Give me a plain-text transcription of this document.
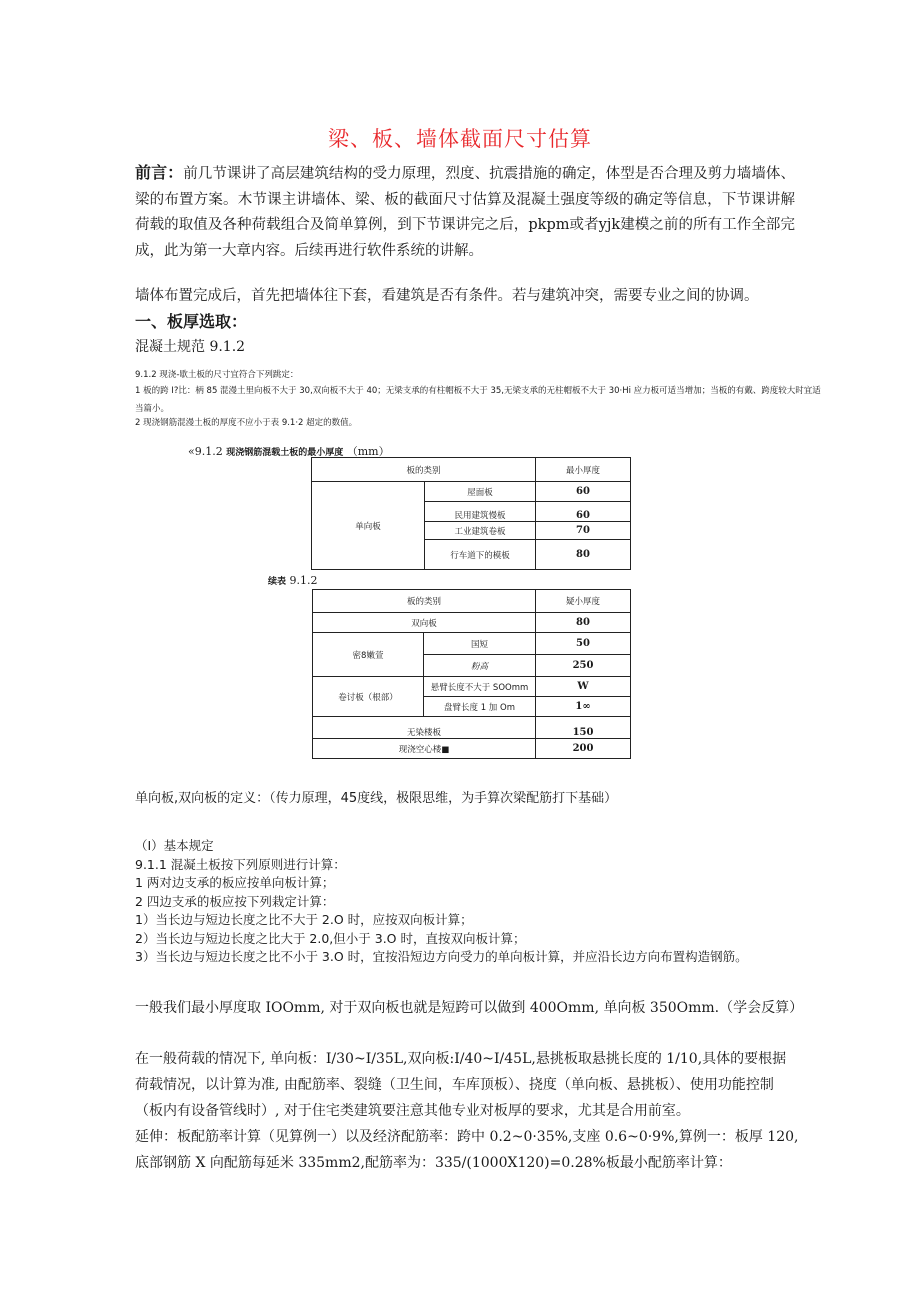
梁、板、墙体截面尺寸估算
前言：前几节课讲了高层建筑结构的受力原理，烈度、抗震措施的确定，体型是否合理及剪力墙墙体、梁的布置方案。木节课主讲墙体、梁、板的截面尺寸估算及混凝土强度等级的确定等信息，下节课讲解荷载的取值及各种荷载组合及简单算例，到下节课讲完之后，pkpm或者yjk建模之前的所有工作全部完成，此为第一大章内容。后续再进行软件系统的讲解。
墙体布置完成后，首先把墙体往下套，看建筑是否有条件。若与建筑冲突，需要专业之间的协调。
一、板厚选取：
混凝土规范 9.1.2
9.1.2 现浇-歇土板的尺寸宜符合下列跳定：
1 板的跨 I?比：柄 85 混漫土里向板不大于 30,双向板不大于 40；无梁支承的有柱帽板不大于 35,无梁支承的无柱帽板不大于 30·Hi 应力板可适当增加；当板的有戴、跨度较大时宜适当篇小。
2 现浇钢筋混漫土板的厚度不应小于表 9.1·2 超定的数值。
«9.1.2 现浇钢筋混载土板的最小厚度 （mm）
板的类别		最小厚度
单向板	屋面板	60
	民用建筑慢板	60
	工业建筑卷板	70
	行车道下的模板	80
续表 9.1.2
板的类别		疑小厚度
双向板		80
密8嫩萱	国短	50
	粉高	250
卷讨板（根部）	悬臂长度不大于 SOOmm	W
	盘臂长度 1 加 Om	1∞
无染楼板		150
现浇空心楼■		200
单向板,双向板的定义：（传力原理，45度线，极限思维，为手算次梁配筋打下基础）
（I）基本规定
9.1.1 混凝土板按下列原则进行计算：
1 两对边支承的板应按单向板计算；
2 四边支承的板应按下列栽定计算：
1）当长边与短边长度之比不大于 2.O 时，应按双向板计算；
2）当长边与短边长度之比大于 2.0,但小于 3.O 时，直按双向板计算；
3）当长边与短边长度之比不小于 3.O 时，宜按沿短边方向受力的单向板计算，并应沿长边方向布置构造钢筋。
一般我们最小厚度取 IOOmm, 对于双向板也就是短跨可以做到 400Omm, 单向板 350Omm.（学会反算）
在一般荷载的情况下, 单向板：I/30~I/35L,双向板:I/40~I/45L,悬挑板取悬挑长度的 1/10,具体的要根据荷载情况，以计算为准, 由配筋率、裂缝（卫生间，车库顶板）、挠度（单向板、悬挑板）、使用功能控制（板内有设备管线时）, 对于住宅类建筑要注意其他专业对板厚的要求，尤其是合用前室。
延伸：板配筋率计算（见算例一）以及经济配筋率：跨中 0.2~0·35%,支座 0.6~0·9%,算例一：板厚 120,底部钢筋 X 向配筋每延米 335mm2,配筋率为：335/(1000X120)=0.28%板最小配筋率计算：
